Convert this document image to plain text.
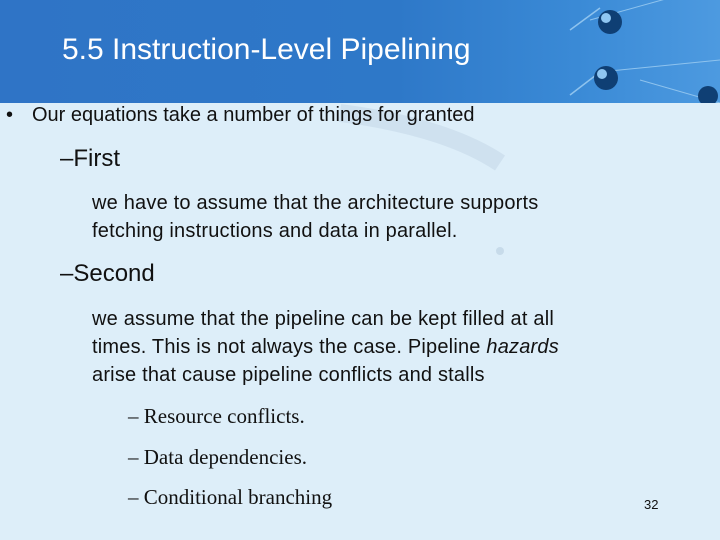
5.5 Instruction-Level Pipelining
• Our equations take a number of things for granted
–First

we have to assume that the architecture supports

fetching instructions and data in parallel.

–Second

we assume that the pipeline can be kept filled at all

times. This is not always the case. Pipeline hazards

arise that cause pipeline conflicts and stalls

– Resource conflicts.
– Data dependencies.
– Conditional branching	32
